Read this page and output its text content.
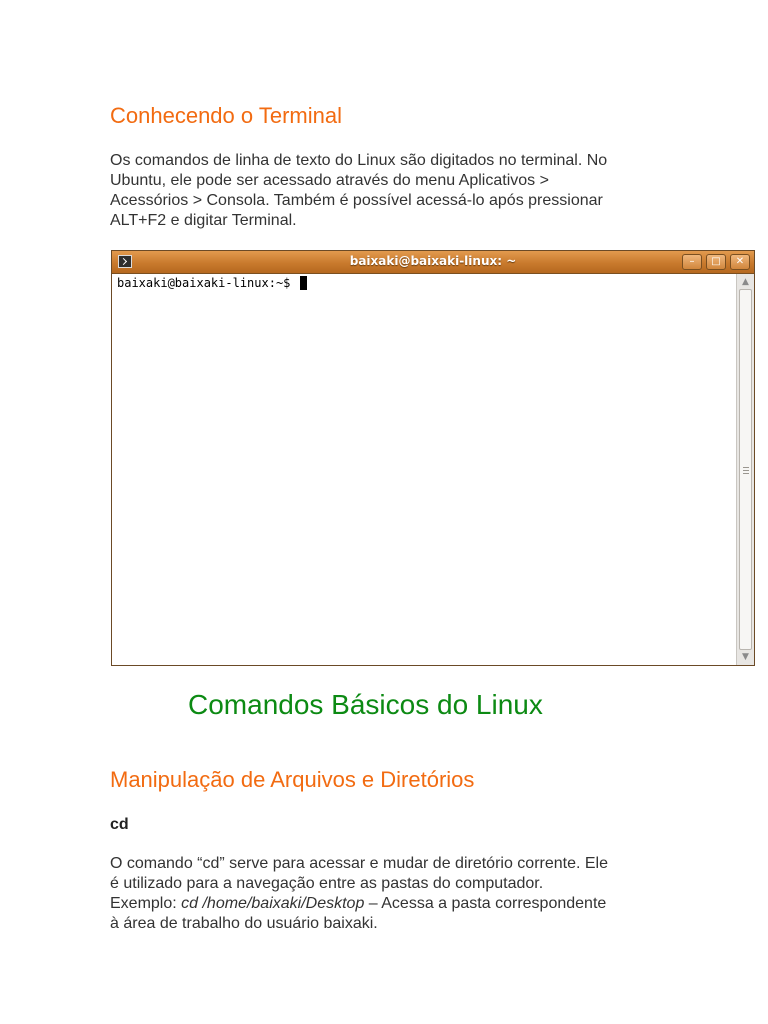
Conhecendo o Terminal

Os comandos de linha de texto do Linux são digitados no terminal. No
Ubuntu, ele pode ser acessado através do menu Aplicativos >
Acessórios > Consola. Também é possível acessá-lo após pressionar
ALT+F2 e digitar Terminal.

baixaki@baixaki-linux: ~	–	□	✕
baixaki@baixaki-linux:~$	▲
▼
Comandos Básicos do Linux
Manipulação de Arquivos e Diretórios

cd

O comando “cd” serve para acessar e mudar de diretório corrente. Ele
é utilizado para a navegação entre as pastas do computador.
Exemplo: cd /home/baixaki/Desktop – Acessa a pasta correspondente
à área de trabalho do usuário baixaki.
